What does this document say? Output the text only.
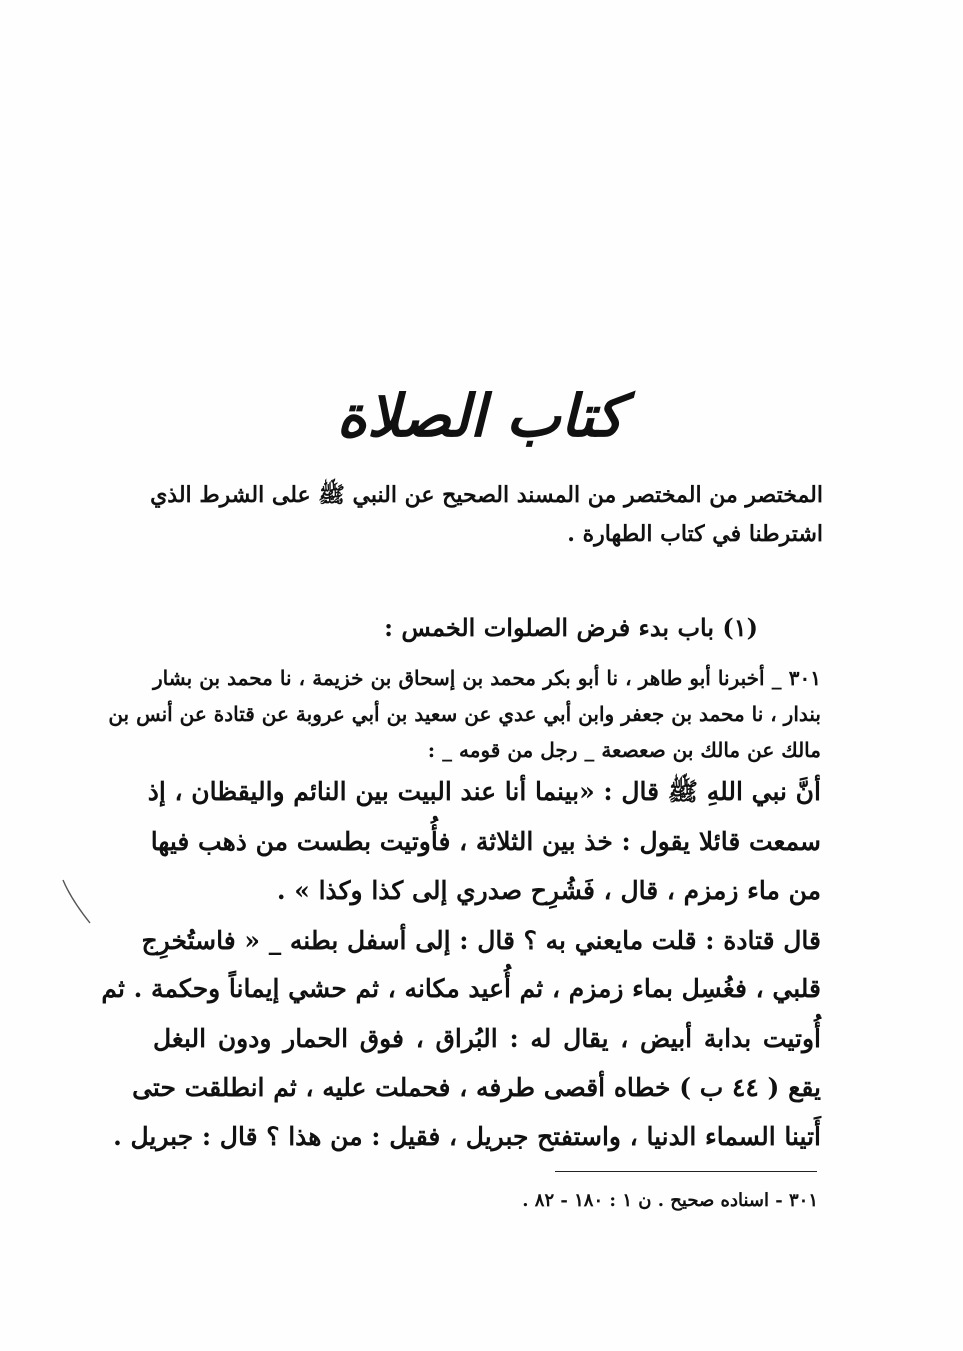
كتاب الصلاة
المختصر من المختصر من المسند الصحيح عن النبي ﷺ على الشرط الذي
اشترطنا في كتاب الطهارة .
(١) باب بدء فرض الصلوات الخمس :
٣٠١ _ أخبرنا أبو طاهر ، نا أبو بكر محمد بن إسحاق بن خزيمة ، نا محمد بن بشار
بندار ، نا محمد بن جعفر وابن أبي عدي عن سعيد بن أبي عروبة عن قتادة عن أنس بن
مالك عن مالك بن صعصعة _ رجل من قومه _ :
أنَّ نبي اللهِ ﷺ قال : «بينما أنا عند البيت بين النائم واليقظان ، إذ
سمعت قائلا يقول : خذ بين الثلاثة ، فأُوتيت بطست من ذهب فيها
من ماء زمزم ، قال ، فَشُرِح صدري إلى كذا وكذا » .
قال قتادة : قلت مايعني به ؟ قال : إلى أسفل بطنه _ « فاستُخرِج
قلبي ، فغُسِل بماء زمزم ، ثم أُعيد مكانه ، ثم حشي إيماناً وحكمة . ثم
أُوتيت بدابة أبيض ، يقال له : البُراق ، فوق الحمار ودون البغل
يقع ( ٤٤ ب ) خطاه أقصى طرفه ، فحملت عليه ، ثم انطلقت حتى
أَتينا السماء الدنيا ، واستفتح جبريل ، فقيل : من هذا ؟ قال : جبريل .
٣٠١ - اسناده صحيح . ن ١ : ١٨٠ - ٨٢ .
